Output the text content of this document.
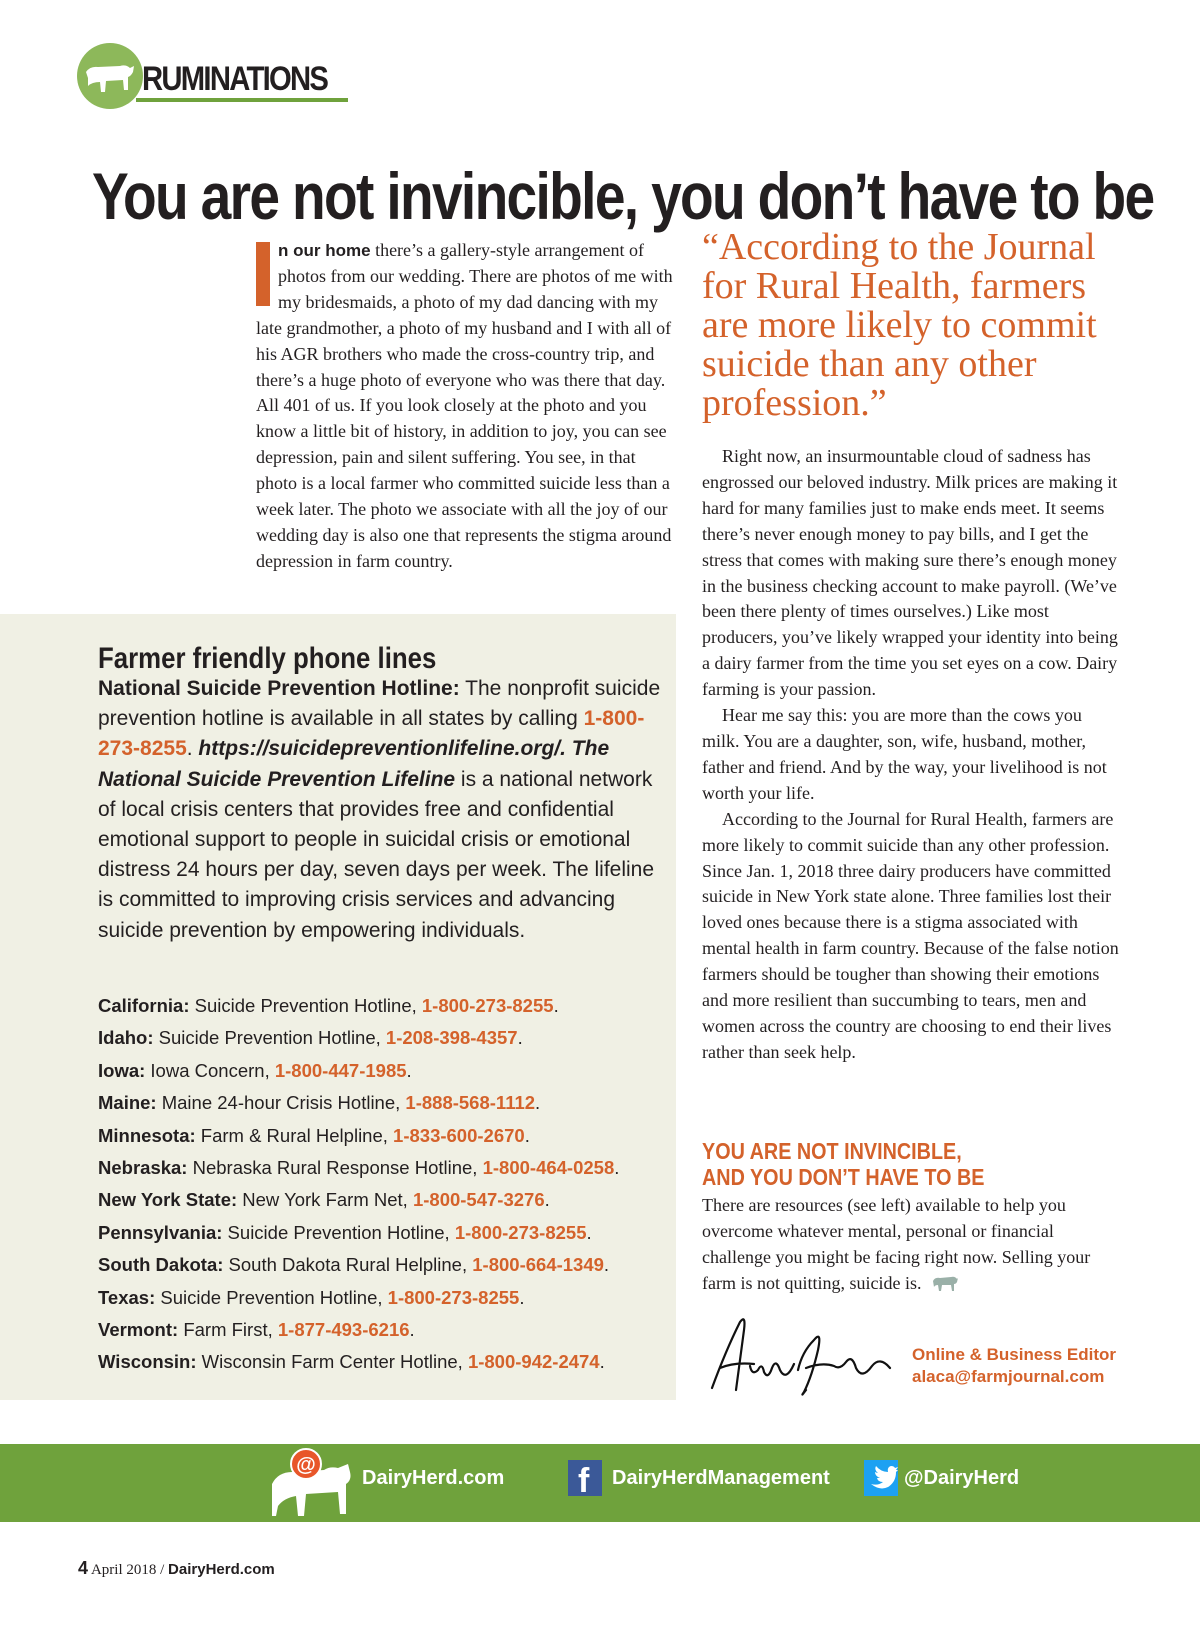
RUMINATIONS
You are not invincible, you don’t have to be
n our home there’s a gallery-style arrangement of photos from our wedding. There are photos of me with my bridesmaids, a photo of my dad dancing with my late grandmother, a photo of my husband and I with all of his AGR brothers who made the cross-country trip, and there’s a huge photo of everyone who was there that day. All 401 of us. If you look closely at the photo and you know a little bit of history, in addition to joy, you can see depression, pain and silent suffering. You see, in that photo is a local farmer who committed suicide less than a week later. The photo we associate with all the joy of our wedding day is also one that represents the stigma around depression in farm country.
Farmer friendly phone lines

National Suicide Prevention Hotline: The nonprofit suicide prevention hotline is available in all states by calling 1-800-273-8255. https://suicidepreventionlifeline.org/. The National Suicide Prevention Lifeline is a national network of local crisis centers that provides free and confidential emotional support to people in suicidal crisis or emotional distress 24 hours per day, seven days per week. The lifeline is committed to improving crisis services and advancing suicide prevention by empowering individuals.

California: Suicide Prevention Hotline, 1-800-273-8255.
Idaho: Suicide Prevention Hotline, 1-208-398-4357.
Iowa: Iowa Concern, 1-800-447-1985.
Maine: Maine 24-hour Crisis Hotline, 1-888-568-1112.
Minnesota: Farm & Rural Helpline, 1-833-600-2670.
Nebraska: Nebraska Rural Response Hotline, 1-800-464-0258.
New York State: New York Farm Net, 1-800-547-3276.
Pennsylvania: Suicide Prevention Hotline, 1-800-273-8255.
South Dakota: South Dakota Rural Helpline, 1-800-664-1349.
Texas: Suicide Prevention Hotline, 1-800-273-8255.
Vermont: Farm First, 1-877-493-6216.
Wisconsin: Wisconsin Farm Center Hotline, 1-800-942-2474.
“According to the Journal for Rural Health, farmers are more likely to commit suicide than any other profession.”

Right now, an insurmountable cloud of sadness has engrossed our beloved industry. Milk prices are making it hard for many families just to make ends meet. It seems there’s never enough money to pay bills, and I get the stress that comes with making sure there’s enough money in the business checking account to make payroll. (We’ve been there plenty of times ourselves.) Like most producers, you’ve likely wrapped your identity into being a dairy farmer from the time you set eyes on a cow. Dairy farming is your passion.

Hear me say this: you are more than the cows you milk. You are a daughter, son, wife, husband, mother, father and friend. And by the way, your livelihood is not worth your life.

According to the Journal for Rural Health, farmers are more likely to commit suicide than any other profession. Since Jan. 1, 2018 three dairy producers have committed suicide in New York state alone. Three families lost their loved ones because there is a stigma associated with mental health in farm country. Because of the false notion farmers should be tougher than showing their emotions and more resilient than succumbing to tears, men and women across the country are choosing to end their lives rather than seek help.

YOU ARE NOT INVINCIBLE,
AND YOU DON’T HAVE TO BE
There are resources (see left) available to help you overcome whatever mental, personal or financial challenge you might be facing right now. Selling your farm is not quitting, suicide is.
Online & Business Editor
alaca@farmjournal.com
@
DairyHerd.com f DairyHerdManagement	@DairyHerd
4 April 2018 / DairyHerd.com
